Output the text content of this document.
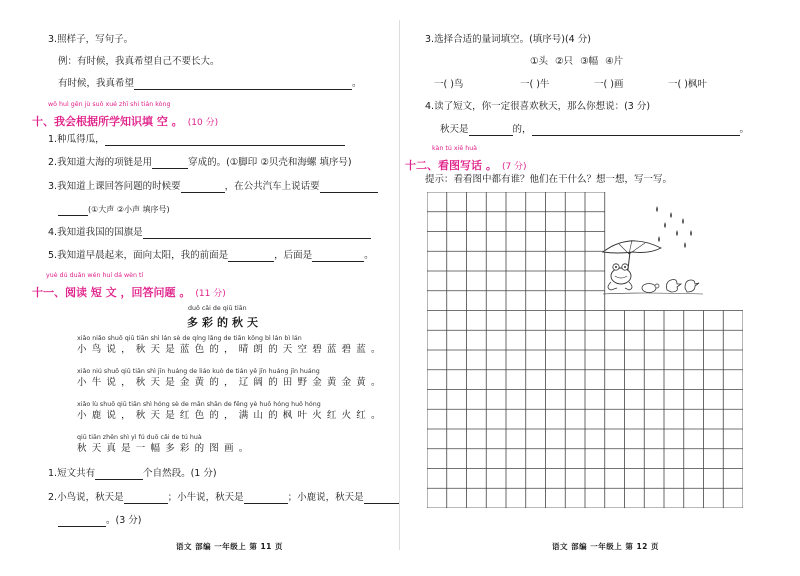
3.照样子，写句子。
例：有时候，我真希望自己不要长大。
有时候，我真希望	。
wǒ huì gēn jù suǒ xué zhī shi tián kòng
十、我会根据所学知识填 空 。 (10 分)
1.种瓜得瓜，
2.我知道大海的项链是用	穿成的。(①脚印 ②贝壳和海螺 填序号)
3.我知道上课回答问题的时候要	，在公共汽车上说话要
(①大声 ②小声 填序号)
4.我知道我国的国旗是
5.我知道早晨起来，面向太阳，我的前面是	，后面是	。
yuè dú duǎn wén huí dá wèn tí
十一、阅读 短 文 ，回答问题 。 (11 分)
duō cǎi de qiū tiān
多彩的秋天
xiǎo niǎo shuō qiū tiān shì lán sè de qíng lǎng de tiān kōng bì lán bì lán
小鸟说，秋天是蓝色的，晴朗的天空碧蓝碧蓝。
xiǎo niú shuō qiū tiān shì jīn huáng de liáo kuò de tián yě jīn huáng jīn huáng
小牛说，秋天是金黄的，辽阔的田野金黄金黄。
xiǎo lù shuō qiū tiān shì hóng sè de mǎn shān de fēng yè huǒ hóng huǒ hóng
小鹿说，秋天是红色的，满山的枫叶火红火红。
qiū tiān zhēn shì yì fú duō cǎi de tú huà
秋天真是一幅多彩的图画。
1.短文共有	个自然段。(1 分)
2.小鸟说，秋天是	；小牛说，秋天是	；小鹿说，秋天是
。(3 分)
语文 部编 一年级上 第 11 页
3.选择合适的量词填空。(填序号)(4 分)
①头 ②只 ③幅 ④片
一( )鸟	一( )牛	一( )画	一( )枫叶
4.读了短文，你一定很喜欢秋天，那么你想说：(3 分)
秋天是	的，	。
kàn tú xiě huà
十二、看图写话 。 (7 分)
提示：看看图中都有谁？他们在干什么？想一想，写一写。
语文 部编 一年级上 第 12 页
